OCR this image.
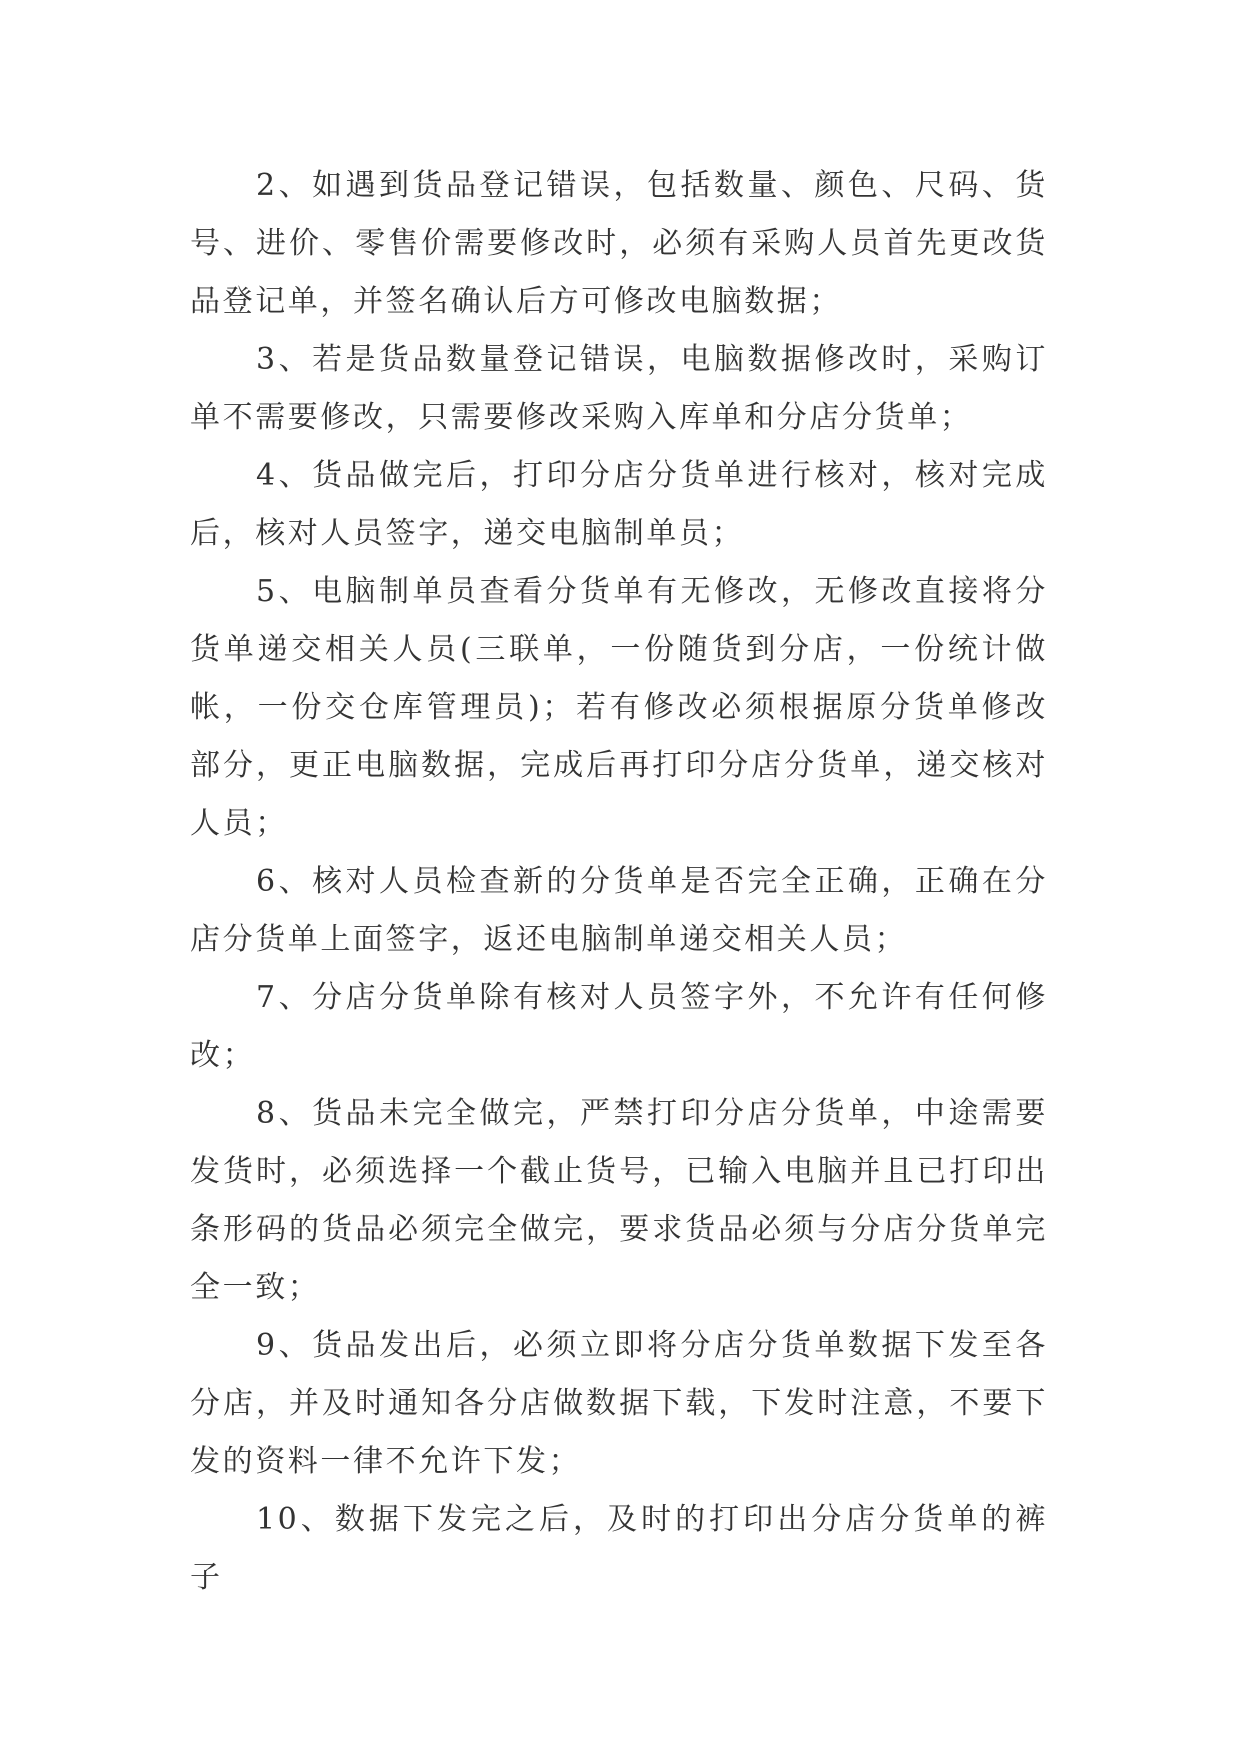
2、如遇到货品登记错误，包括数量、颜色、尺码、货号、进价、零售价需要修改时，必须有采购人员首先更改货品登记单，并签名确认后方可修改电脑数据；

3、若是货品数量登记错误，电脑数据修改时，采购订单不需要修改，只需要修改采购入库单和分店分货单；

4、货品做完后，打印分店分货单进行核对，核对完成后，核对人员签字，递交电脑制单员；

5、电脑制单员查看分货单有无修改，无修改直接将分货单递交相关人员(三联单，一份随货到分店，一份统计做帐，一份交仓库管理员)；若有修改必须根据原分货单修改部分，更正电脑数据，完成后再打印分店分货单，递交核对人员；

6、核对人员检查新的分货单是否完全正确，正确在分店分货单上面签字，返还电脑制单递交相关人员；

7、分店分货单除有核对人员签字外，不允许有任何修改；

8、货品未完全做完，严禁打印分店分货单，中途需要发货时，必须选择一个截止货号，已输入电脑并且已打印出条形码的货品必须完全做完，要求货品必须与分店分货单完全一致；

9、货品发出后，必须立即将分店分货单数据下发至各分店，并及时通知各分店做数据下载，下发时注意，不要下发的资料一律不允许下发；

10、数据下发完之后，及时的打印出分店分货单的裤子
